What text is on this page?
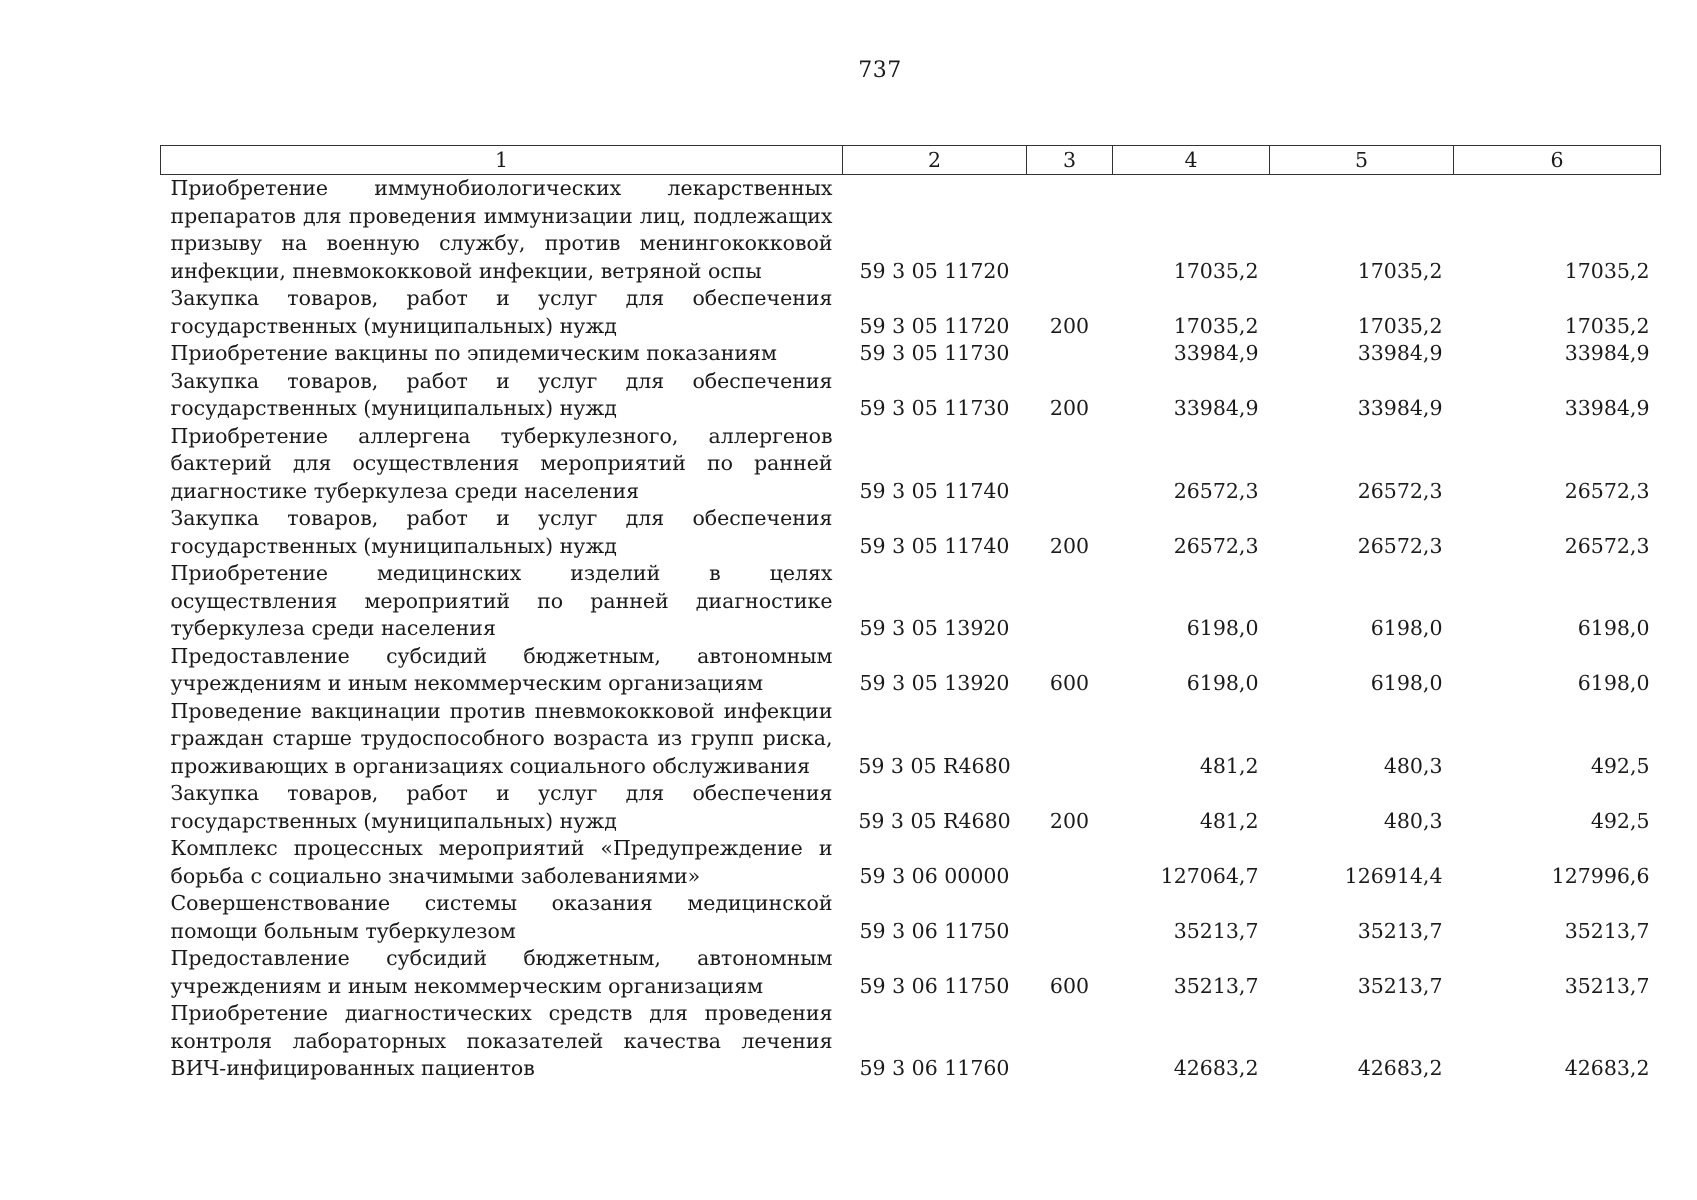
737
1	2	3	4	5	6
Приобретение иммунобиологических лекарственных препаратов для проведения иммунизации лиц, подлежащих призыву на военную службу, против менингококковой инфекции, пневмококковой инфекции, ветряной оспы	59 3 05 11720		17035,2	17035,2	17035,2
Закупка товаров, работ и услуг для обеспечения государственных (муниципальных) нужд	59 3 05 11720	200	17035,2	17035,2	17035,2
Приобретение вакцины по эпидемическим показаниям	59 3 05 11730		33984,9	33984,9	33984,9
Закупка товаров, работ и услуг для обеспечения государственных (муниципальных) нужд	59 3 05 11730	200	33984,9	33984,9	33984,9
Приобретение аллергена туберкулезного, аллергенов бактерий для осуществления мероприятий по ранней диагностике туберкулеза среди населения	59 3 05 11740		26572,3	26572,3	26572,3
Закупка товаров, работ и услуг для обеспечения государственных (муниципальных) нужд	59 3 05 11740	200	26572,3	26572,3	26572,3
Приобретение медицинских изделий в целях осуществления мероприятий по ранней диагностике туберкулеза среди населения	59 3 05 13920		6198,0	6198,0	6198,0
Предоставление субсидий бюджетным, автономным учреждениям и иным некоммерческим организациям	59 3 05 13920	600	6198,0	6198,0	6198,0
Проведение вакцинации против пневмококковой инфекции граждан старше трудоспособного возраста из групп риска, проживающих в организациях социального обслуживания	59 3 05 R4680		481,2	480,3	492,5
Закупка товаров, работ и услуг для обеспечения государственных (муниципальных) нужд	59 3 05 R4680	200	481,2	480,3	492,5
Комплекс процессных мероприятий «Предупреждение и борьба с социально значимыми заболеваниями»	59 3 06 00000		127064,7	126914,4	127996,6
Совершенствование системы оказания медицинской помощи больным туберкулезом	59 3 06 11750		35213,7	35213,7	35213,7
Предоставление субсидий бюджетным, автономным учреждениям и иным некоммерческим организациям	59 3 06 11750	600	35213,7	35213,7	35213,7
Приобретение диагностических средств для проведения контроля лабораторных показателей качества лечения ВИЧ-инфицированных пациентов	59 3 06 11760		42683,2	42683,2	42683,2
